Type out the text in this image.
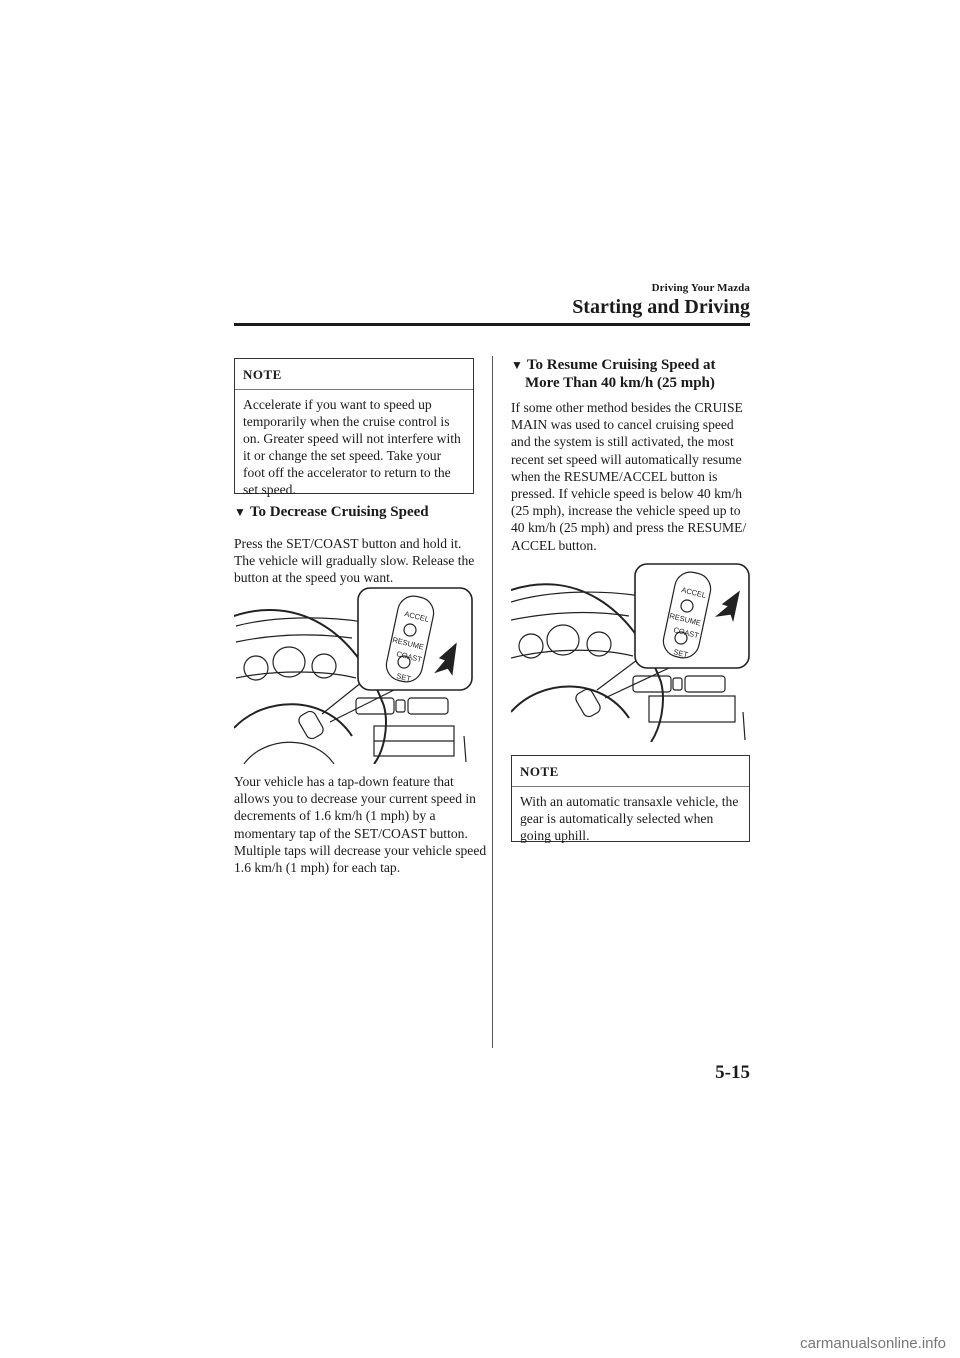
Driving Your Mazda
Starting and Driving
NOTE
Accelerate if you want to speed up temporarily when the cruise control is on. Greater speed will not interfere with it or change the set speed. Take your foot off the accelerator to return to the set speed.
▼ To Decrease Cruising Speed
Press the SET/COAST button and hold it. The vehicle will gradually slow. Release the button at the speed you want.
ACCEL
RESUME
COAST
SET
Your vehicle has a tap-down feature that allows you to decrease your current speed in decrements of 1.6 km/h (1 mph) by a momentary tap of the SET/COAST button. Multiple taps will decrease your vehicle speed 1.6 km/h (1 mph) for each tap.
▼ To Resume Cruising Speed at
More Than 40 km/h (25 mph)
If some other method besides the CRUISE MAIN was used to cancel cruising speed and the system is still activated, the most recent set speed will automatically resume when the RESUME/ACCEL button is pressed. If vehicle speed is below 40 km/h (25 mph), increase the vehicle speed up to 40 km/h (25 mph) and press the RESUME/ ACCEL button.
ACCEL
RESUME
COAST
SET
NOTE
With an automatic transaxle vehicle, the gear is automatically selected when going uphill.
5-15
carmanualsonline.info
